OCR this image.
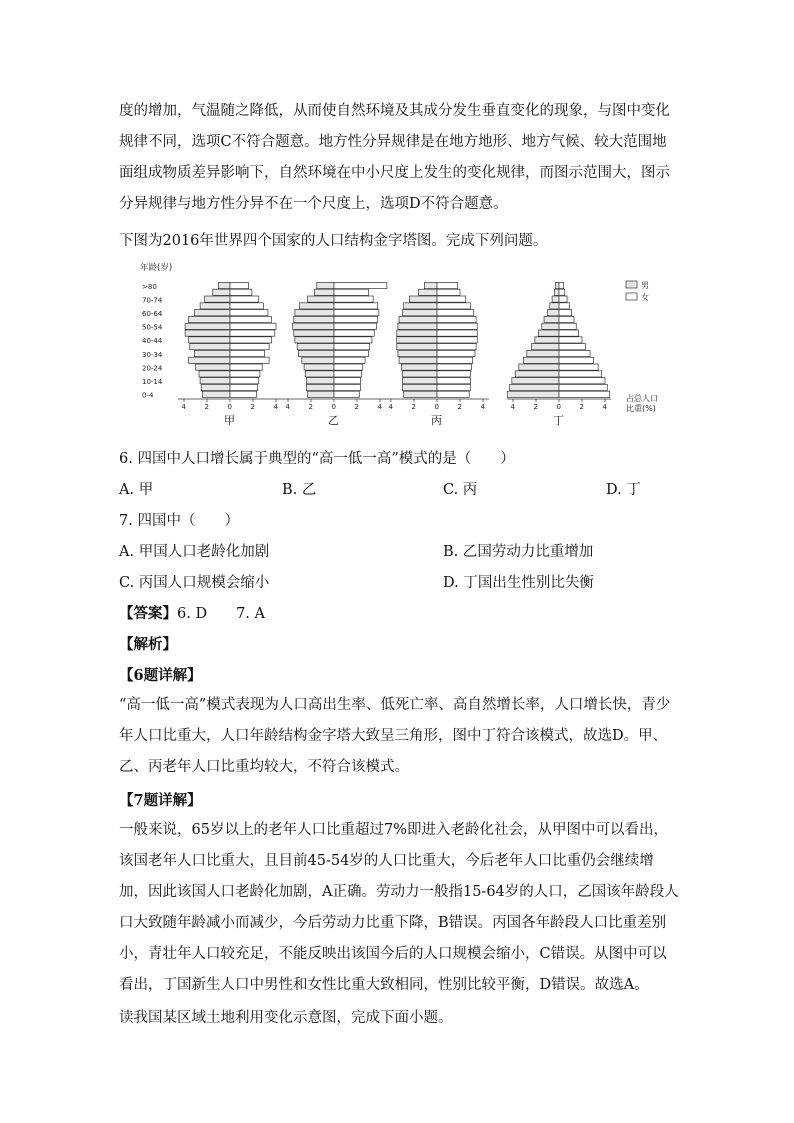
度的增加，气温随之降低，从而使自然环境及其成分发生垂直变化的现象，与图中变化规律不同，选项C不符合题意。地方性分异规律是在地方地形、地方气候、较大范围地面组成物质差异影响下，自然环境在中小尺度上发生的变化规律，而图示范围大，图示分异规律与地方性分异不在一个尺度上，选项D不符合题意。

下图为2016年世界四个国家的人口结构金字塔图。完成下列问题。

年龄(岁)
0-4
10-14
20-24
30-34
40-44
50-54
60-64
70-74
>80
4	2	0	2	4
甲
4	2	0	2	4
乙
4	2	0	2	4
丙
4	2	0	2	4
丁
占总人口
比重(%)
男
女
6. 四国中人口增长属于典型的“高一低一高”模式的是（　　）
A. 甲	B. 乙	C. 丙	D. 丁
7. 四国中（　　）
A. 甲国人口老龄化加剧	B. 乙国劳动力比重增加
C. 丙国人口规模会缩小	D. 丁国出生性别比失衡
【答案】6. D　　7. A
【解析】
【6题详解】

“高一低一高”模式表现为人口高出生率、低死亡率、高自然增长率，人口增长快，青少年人口比重大，人口年龄结构金字塔大致呈三角形，图中丁符合该模式，故选D。甲、乙、丙老年人口比重均较大，不符合该模式。

【7题详解】

一般来说，65岁以上的老年人口比重超过7%即进入老龄化社会，从甲图中可以看出，该国老年人口比重大，且目前45-54岁的人口比重大，今后老年人口比重仍会继续增加，因此该国人口老龄化加剧，A正确。劳动力一般指15-64岁的人口，乙国该年龄段人口大致随年龄减小而减少，今后劳动力比重下降，B错误。丙国各年龄段人口比重差别小，青壮年人口较充足，不能反映出该国今后的人口规模会缩小，C错误。从图中可以看出，丁国新生人口中男性和女性比重大致相同，性别比较平衡，D错误。故选A。

读我国某区域土地利用变化示意图，完成下面小题。
